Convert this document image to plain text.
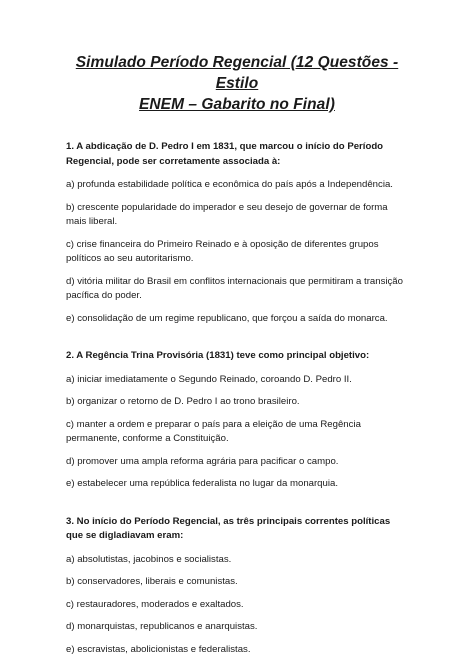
Simulado Período Regencial (12 Questões - Estilo
ENEM – Gabarito no Final)

1. A abdicação de D. Pedro I em 1831, que marcou o início do Período Regencial, pode ser corretamente associada à:

a) profunda estabilidade política e econômica do país após a Independência.

b) crescente popularidade do imperador e seu desejo de governar de forma mais liberal.

c) crise financeira do Primeiro Reinado e à oposição de diferentes grupos políticos ao seu autoritarismo.

d) vitória militar do Brasil em conflitos internacionais que permitiram a transição pacífica do poder.

e) consolidação de um regime republicano, que forçou a saída do monarca.

2. A Regência Trina Provisória (1831) teve como principal objetivo:

a) iniciar imediatamente o Segundo Reinado, coroando D. Pedro II.

b) organizar o retorno de D. Pedro I ao trono brasileiro.

c) manter a ordem e preparar o país para a eleição de uma Regência permanente, conforme a Constituição.

d) promover uma ampla reforma agrária para pacificar o campo.

e) estabelecer uma república federalista no lugar da monarquia.

3. No início do Período Regencial, as três principais correntes políticas que se digladiavam eram:

a) absolutistas, jacobinos e socialistas.

b) conservadores, liberais e comunistas.

c) restauradores, moderados e exaltados.

d) monarquistas, republicanos e anarquistas.

e) escravistas, abolicionistas e federalistas.
